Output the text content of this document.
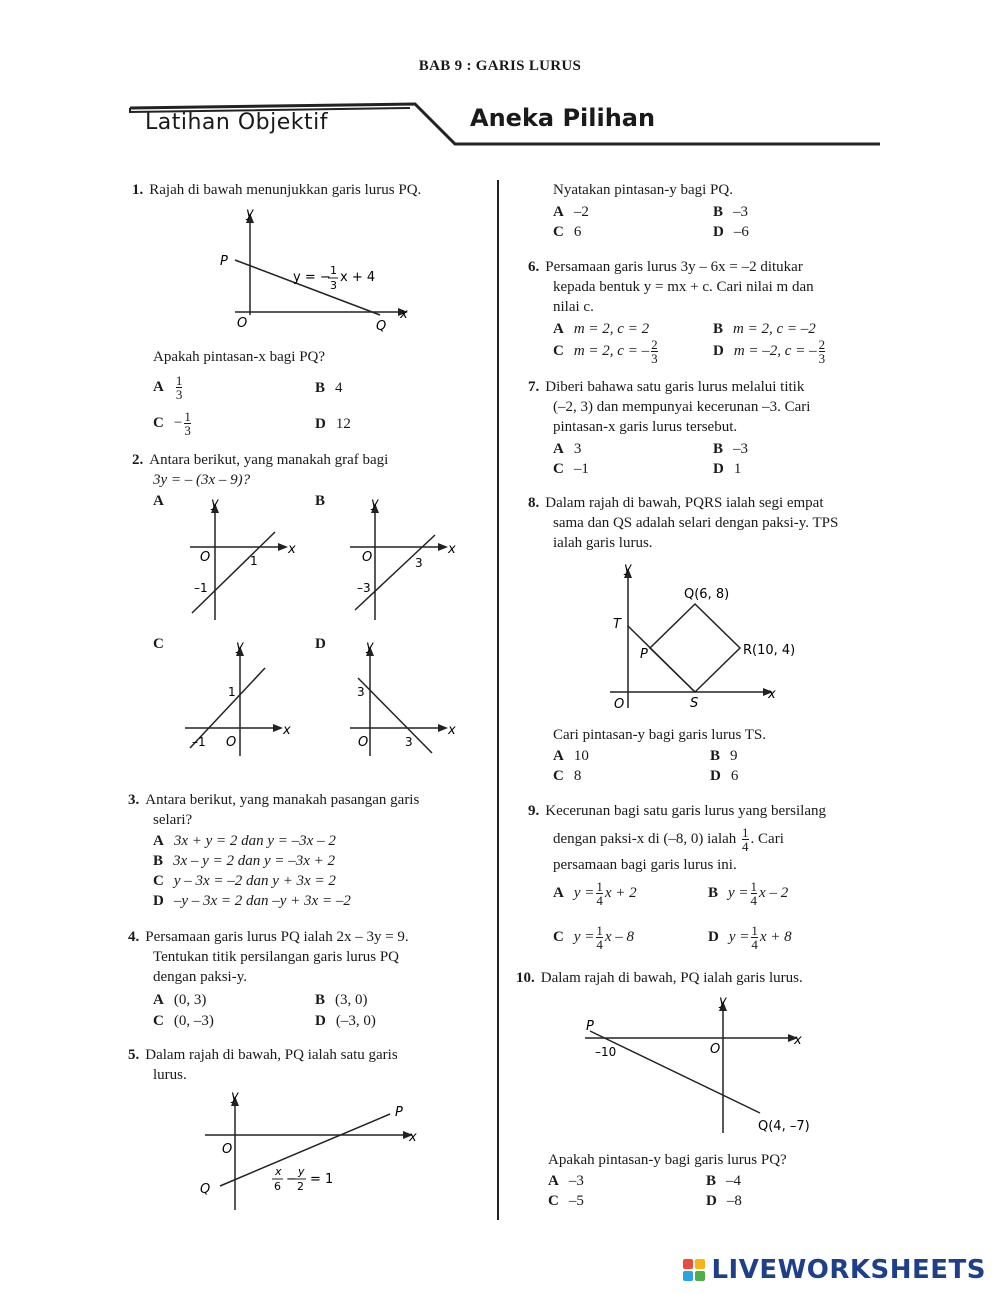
BAB 9 : GARIS LURUS
Latihan Objektif	Aneka Pilihan
1. Rajah di bawah menunjukkan garis lurus PQ.
y
x
P
Q
O
y = − 1
3
x + 4
Apakah pintasan-x bagi PQ?
A $\frac{1}{3}$	B 4
$C - \frac{1}{3}$	D 12
2. Antara berikut, yang manakah graf bagi
3y = – (3x – 9)?
A	B
C	D
y
x
O	1
–1
y
x
O	3
–3
y
x
O
1
–1
y
x
O
3
3
3. Antara berikut, yang manakah pasangan garis
selari?
A 3x + y = 2 dan y = –3x – 2
B 3x – y = 2 dan y = –3x + 2
C y – 3x = –2 dan y + 3x = 2
D –y – 3x = 2 dan –y + 3x = –2
4. Persamaan garis lurus PQ ialah 2x – 3y = 9.
Tentukan titik persilangan garis lurus PQ
dengan paksi-y.
A (0, 3)	B (3, 0)
C (0, –3)	D (–3, 0)
5. Dalam rajah di bawah, PQ ialah satu garis
lurus.
y
x
O
P
Q
x
6 −
y
2 = 1
Nyatakan pintasan-y bagi PQ.
A –2	B –3
C 6	D –6
6. Persamaan garis lurus 3y – 6x = –2 ditukar
kepada bentuk y = mx + c. Cari nilai m dan
nilai c.
A m = 2, c = 2	B m = 2, c = –2
C m = 2, c = – $\frac{2}{3}$	D m = –2, c = – $\frac{2}{3}$
7. Diberi bahawa satu garis lurus melalui titik
(–2, 3) dan mempunyai kecerunan –3. Cari
pintasan-x garis lurus tersebut.
A 3	B –3
C –1	D 1
8. Dalam rajah di bawah, PQRS ialah segi empat
sama dan QS adalah selari dengan paksi-y. TPS
ialah garis lurus.
y
x
O
Q(6, 8)
R(10, 4)
T
P
S
Cari pintasan-y bagi garis lurus TS.
A 10	B 9
C 8	D 6
9. Kecerunan bagi satu garis lurus yang bersilang
dengan paksi-x di (–8, 0) ialah $\frac{1}{4}$ . Cari
persamaan bagi garis lurus ini.
A $y = \frac{1}{4}$ x + 2	B $y = \frac{1}{4}$ x – 2
C $y = \frac{1}{4}$ x – 8	D $y = \frac{1}{4}$ x + 8
10. Dalam rajah di bawah, PQ ialah garis lurus.
y
x
O
P
–10
Q(4, –7)
Apakah pintasan-y bagi garis lurus PQ?
A –3	B –4
C –5	D –8
LIVEWORKSHEETS
